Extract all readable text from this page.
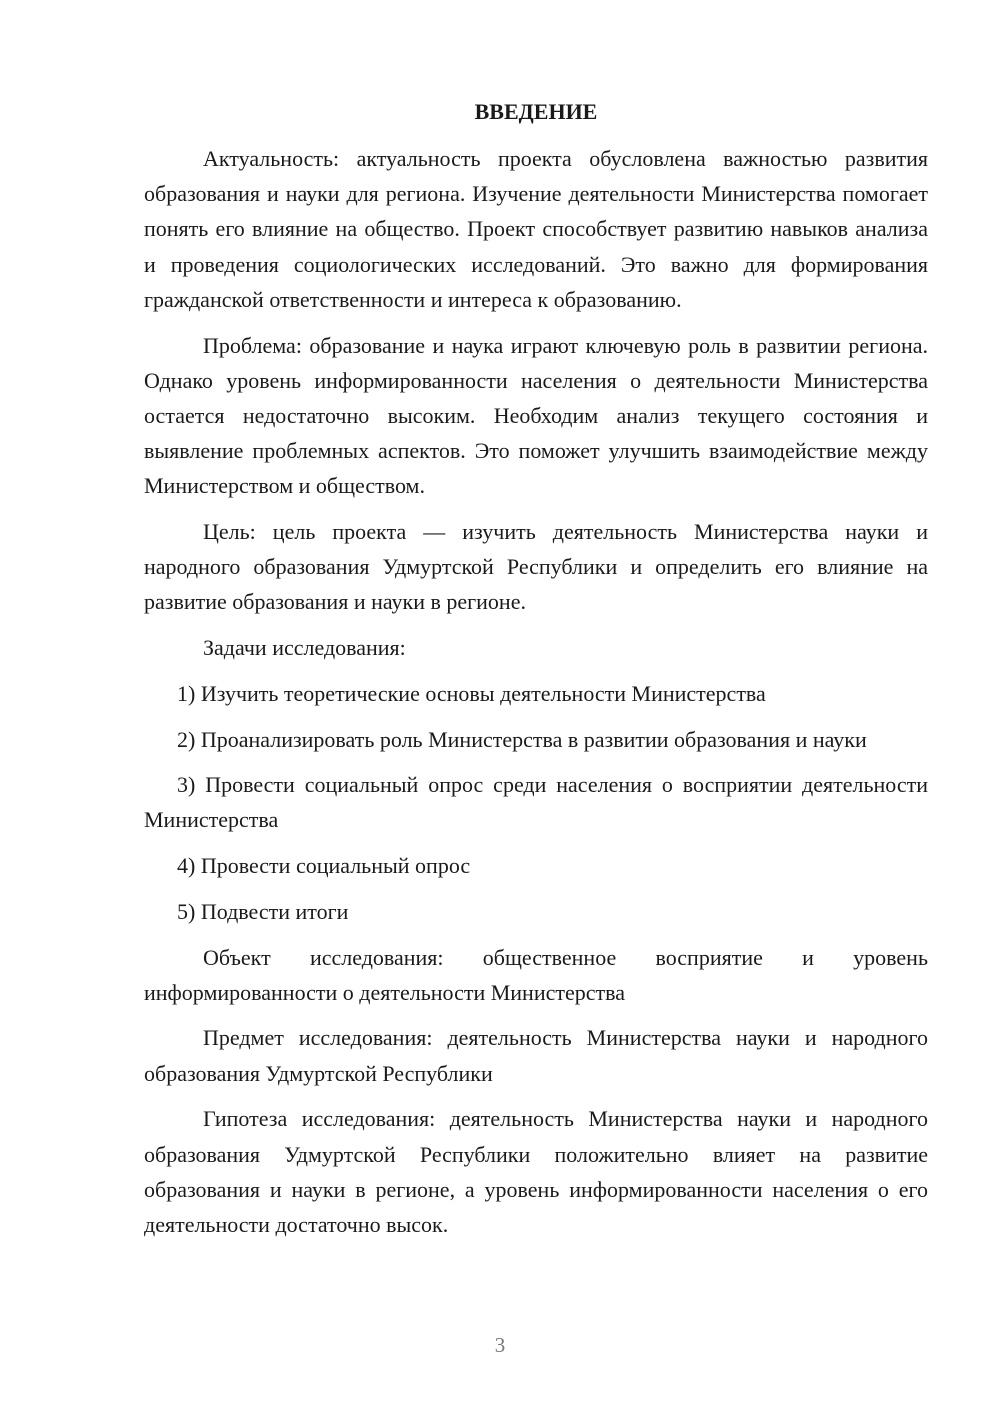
ВВЕДЕНИЕ

Актуальность: актуальность проекта обусловлена важностью развития образования и науки для региона. Изучение деятельности Министерства помогает понять его влияние на общество. Проект способствует развитию навыков анализа и проведения социологических исследований. Это важно для формирования гражданской ответственности и интереса к образованию.

Проблема: образование и наука играют ключевую роль в развитии региона. Однако уровень информированности населения о деятельности Министерства остается недостаточно высоким. Необходим анализ текущего состояния и выявление проблемных аспектов. Это поможет улучшить взаимодействие между Министерством и обществом.

Цель: цель проекта — изучить деятельность Министерства науки и народного образования Удмуртской Республики и определить его влияние на развитие образования и науки в регионе.

Задачи исследования:

1) Изучить теоретические основы деятельности Министерства

2) Проанализировать роль Министерства в развитии образования и науки

3) Провести социальный опрос среди населения о восприятии деятельности Министерства

4) Провести социальный опрос

5) Подвести итоги

Объект исследования: общественное восприятие и уровень информированности о деятельности Министерства

Предмет исследования: деятельность Министерства науки и народного образования Удмуртской Республики

Гипотеза исследования: деятельность Министерства науки и народного образования Удмуртской Республики положительно влияет на развитие образования и науки в регионе, а уровень информированности населения о его деятельности достаточно высок.

3
